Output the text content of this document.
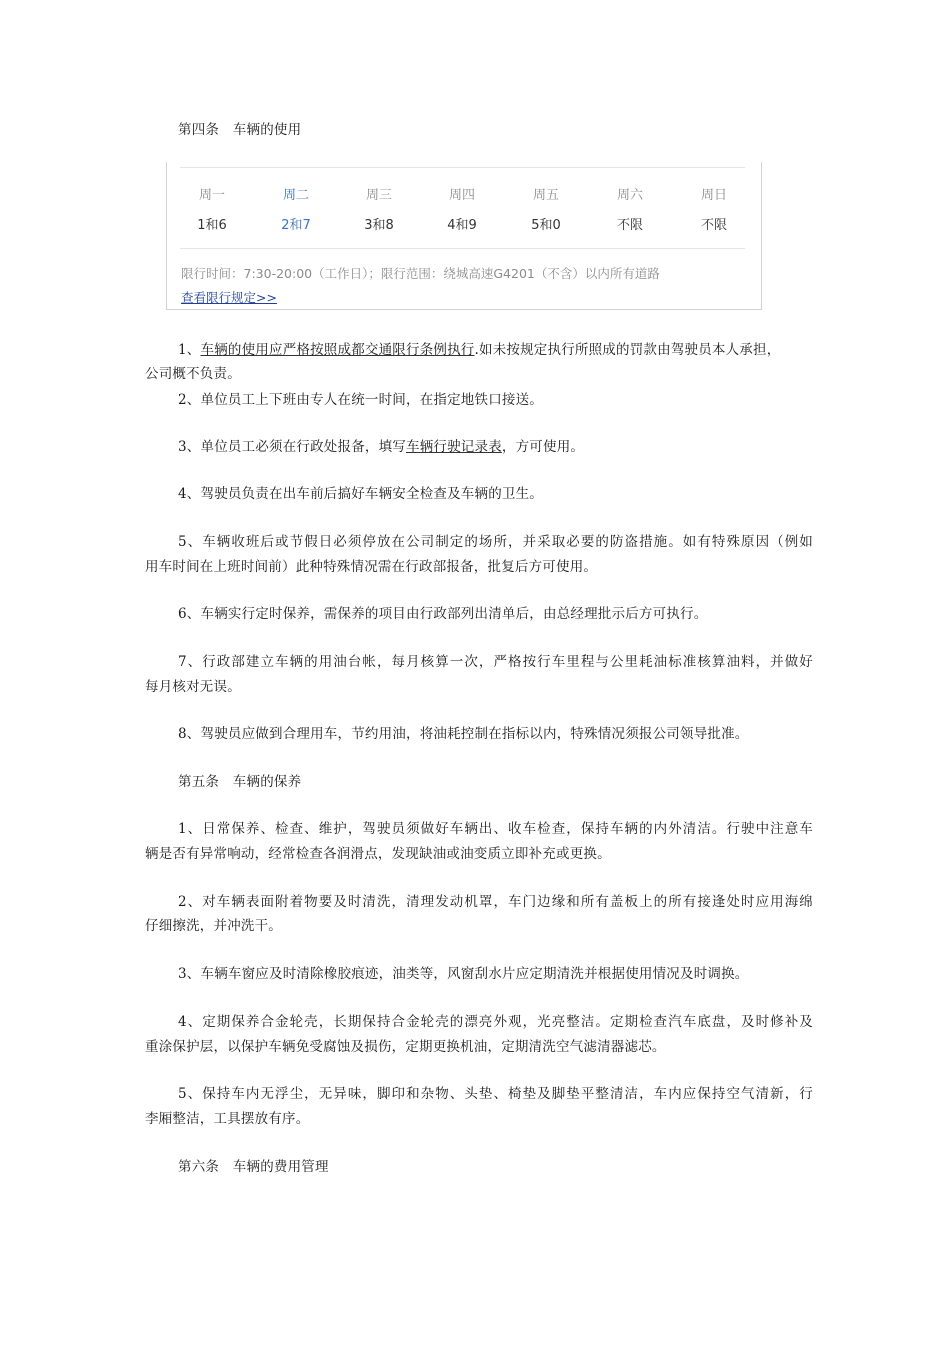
第四条　车辆的使用
周一
1和6
周二
2和7
周三
3和8
周四
4和9
周五
5和0
周六
不限
周日
不限
限行时间：7:30-20:00（工作日）；限行范围：绕城高速G4201（不含）以内所有道路
查看限行规定>>
1、车辆的使用应严格按照成都交通限行条例执行.如未按规定执行所照成的罚款由驾驶员本人承担，
公司概不负责。
2、单位员工上下班由专人在统一时间，在指定地铁口接送。
3、单位员工必须在行政处报备，填写车辆行驶记录表，方可使用。
4、驾驶员负责在出车前后搞好车辆安全检查及车辆的卫生。
5、车辆收班后或节假日必须停放在公司制定的场所，并采取必要的防盗措施。如有特殊原因（例如
用车时间在上班时间前）此种特殊情况需在行政部报备，批复后方可使用。
6、车辆实行定时保养，需保养的项目由行政部列出清单后，由总经理批示后方可执行。
7、行政部建立车辆的用油台帐，每月核算一次，严格按行车里程与公里耗油标准核算油料，并做好
每月核对无误。
8、驾驶员应做到合理用车，节约用油，将油耗控制在指标以内，特殊情况须报公司领导批准。
第五条　车辆的保养
1、日常保养、检查、维护，驾驶员须做好车辆出、收车检查，保持车辆的内外清洁。行驶中注意车
辆是否有异常响动，经常检查各润滑点，发现缺油或油变质立即补充或更换。
2、对车辆表面附着物要及时清洗，清理发动机罩，车门边缘和所有盖板上的所有接逢处时应用海绵
仔细擦洗，并冲洗干。
3、车辆车窗应及时清除橡胶痕迹，油类等，风窗刮水片应定期清洗并根据使用情况及时调换。
4、定期保养合金轮壳，长期保持合金轮壳的漂亮外观，光亮整洁。定期检查汽车底盘，及时修补及
重涂保护层，以保护车辆免受腐蚀及损伤，定期更换机油，定期清洗空气滤清器滤芯。
5、保持车内无浮尘，无异味，脚印和杂物、头垫、椅垫及脚垫平整清洁，车内应保持空气清新，行
李厢整洁，工具摆放有序。
第六条　车辆的费用管理
